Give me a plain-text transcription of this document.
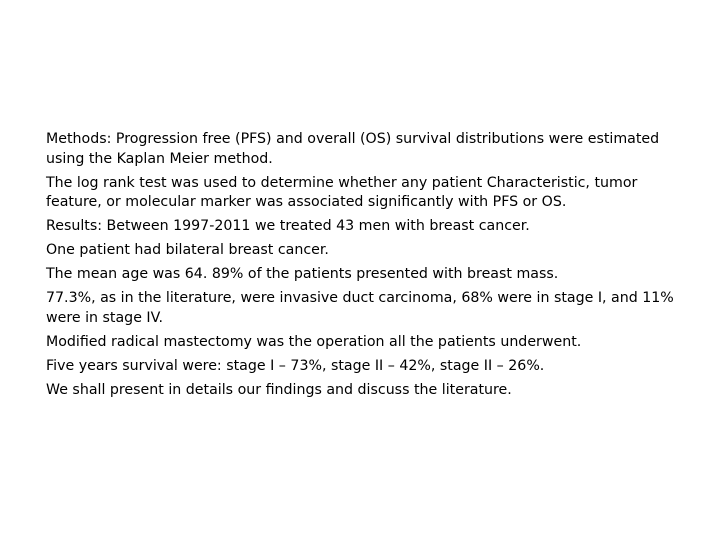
Methods: Progression free (PFS) and overall (OS) survival distributions were estimated using the Kaplan Meier method.

The log rank test was used to determine whether any patient Characteristic, tumor feature, or molecular marker was associated significantly with PFS or OS.

Results: Between 1997-2011 we treated 43 men with breast cancer.

One patient had bilateral breast cancer.

The mean age was 64. 89% of the patients presented with breast mass.

77.3%, as in the literature, were invasive duct carcinoma, 68% were in stage I, and 11% were in stage IV.

Modified radical mastectomy was the operation all the patients underwent.

Five years survival were: stage I – 73%, stage II – 42%, stage II – 26%.

We shall present in details our findings and discuss the literature.
